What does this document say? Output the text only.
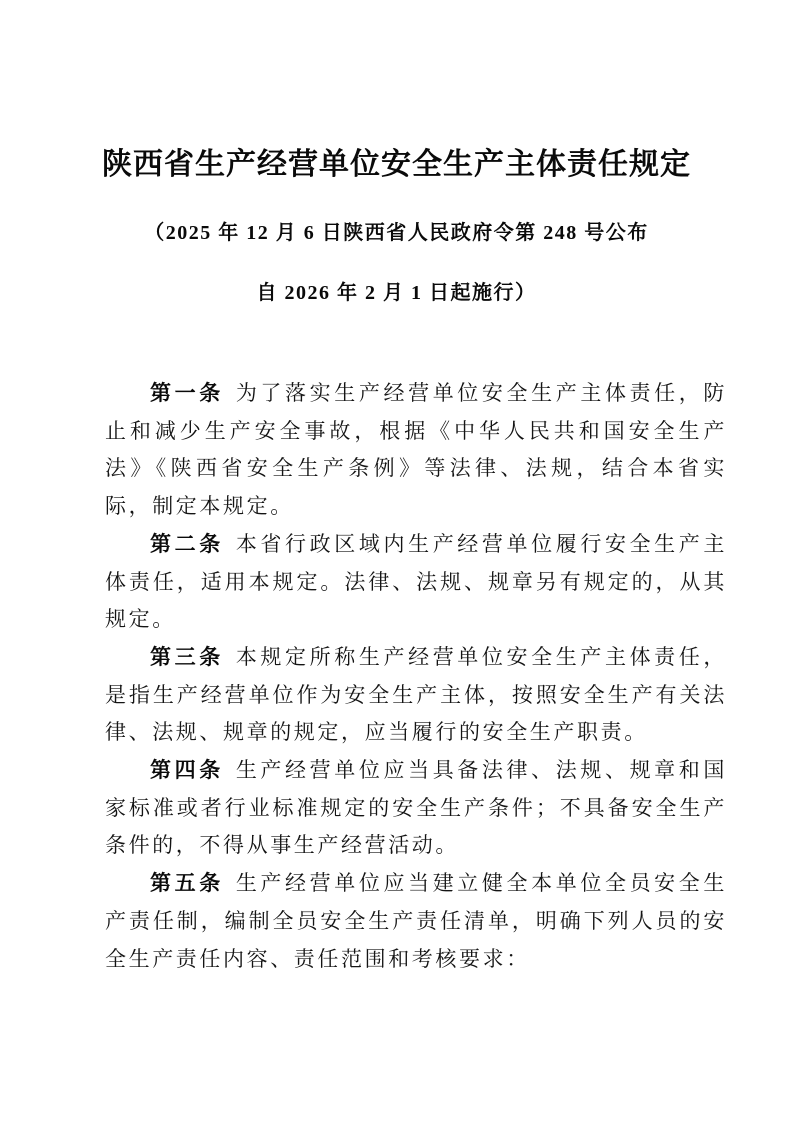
陕西省生产经营单位安全生产主体责任规定

（2025 年 12 月 6 日陕西省人民政府令第 248 号公布

自 2026 年 2 月 1 日起施行）

第一条 为了落实生产经营单位安全生产主体责任，防止和减少生产安全事故，根据《中华人民共和国安全生产法》《陕西省安全生产条例》等法律、法规，结合本省实际，制定本规定。

第二条 本省行政区域内生产经营单位履行安全生产主体责任，适用本规定。法律、法规、规章另有规定的，从其规定。

第三条 本规定所称生产经营单位安全生产主体责任，是指生产经营单位作为安全生产主体，按照安全生产有关法律、法规、规章的规定，应当履行的安全生产职责。

第四条 生产经营单位应当具备法律、法规、规章和国家标准或者行业标准规定的安全生产条件；不具备安全生产条件的，不得从事生产经营活动。

第五条 生产经营单位应当建立健全本单位全员安全生产责任制，编制全员安全生产责任清单，明确下列人员的安全生产责任内容、责任范围和考核要求：
